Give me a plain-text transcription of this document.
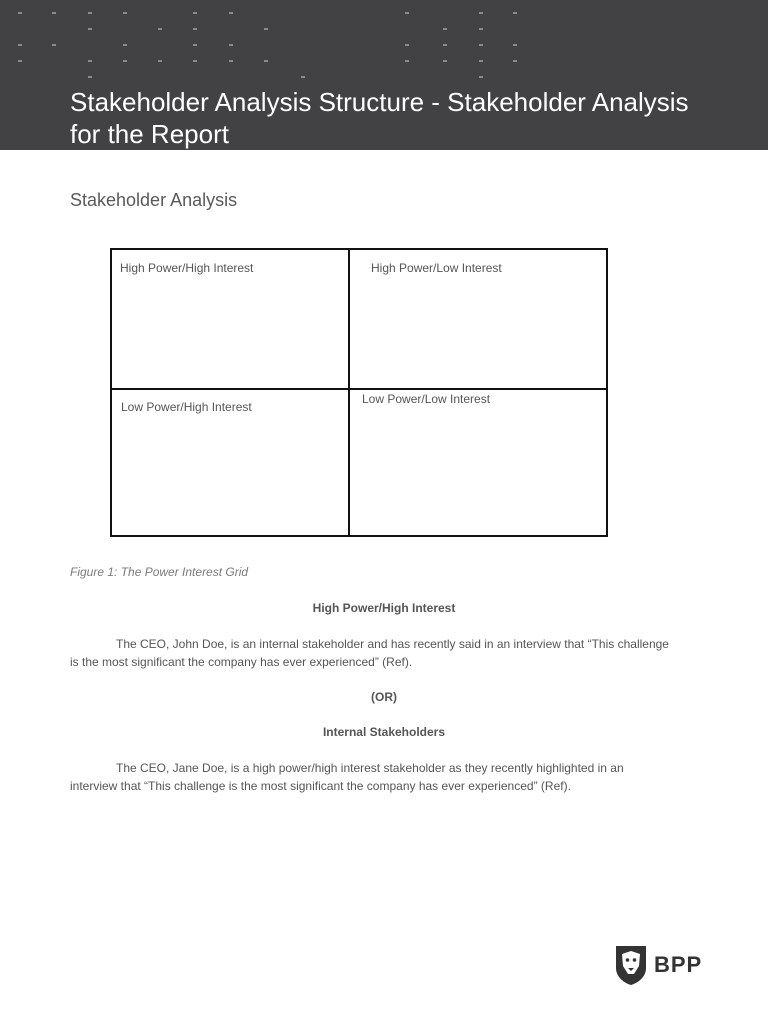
Stakeholder Analysis Structure - Stakeholder Analysis for the Report
Stakeholder Analysis
High Power/High Interest	High Power/Low Interest
Low Power/High Interest
Low Power/Low Interest
Figure 1: The Power Interest Grid
High Power/High Interest

The CEO, John Doe, is an internal stakeholder and has recently said in an interview that “This challenge is the most significant the company has ever experienced” (Ref).

(OR)
Internal Stakeholders

The CEO, Jane Doe, is a high power/high interest stakeholder as they recently highlighted in an interview that “This challenge is the most significant the company has ever experienced” (Ref).

BPP
